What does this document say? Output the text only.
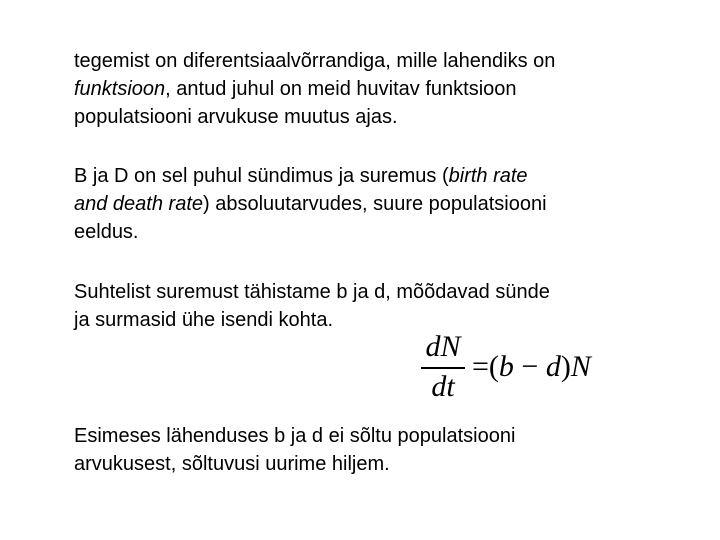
tegemist on diferentsiaalvõrrandiga, mille lahendiks on
funktsioon, antud juhul on meid huvitav funktsioon
populatsiooni arvukuse muutus ajas.

B ja D on sel puhul sündimus ja suremus (birth rate
and death rate) absoluutarvudes, suure populatsiooni
eeldus.

Suhtelist suremust tähistame b ja d, mõõdavad sünde
ja surmasid ühe isendi kohta.

dN
dt
=(b − d)N

Esimeses lähenduses b ja d ei sõltu populatsiooni
arvukusest, sõltuvusi uurime hiljem.
